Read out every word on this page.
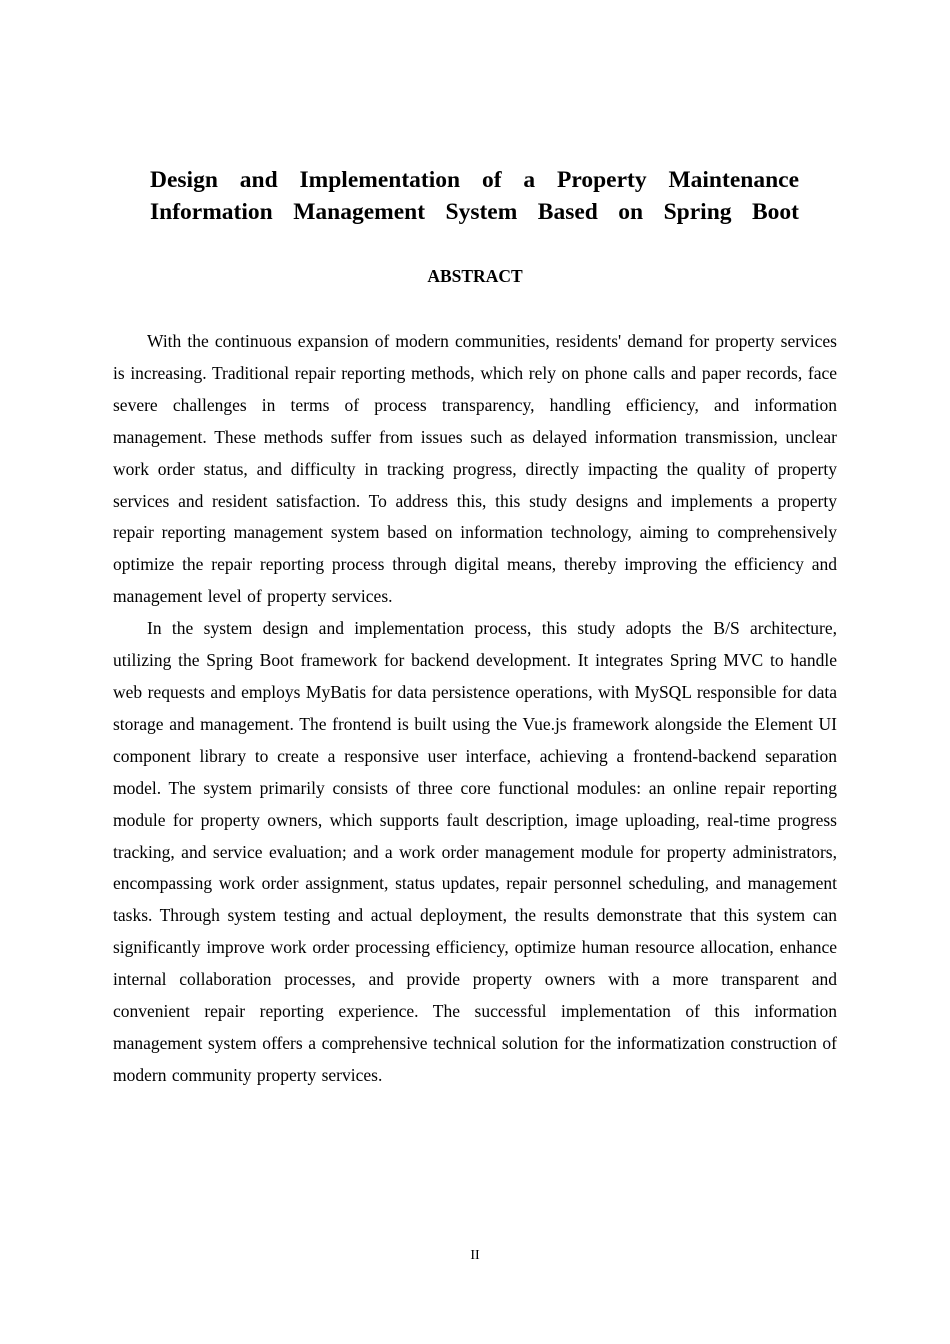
Design and Implementation of a Property Maintenance
Information Management System Based on Spring Boot
ABSTRACT

With the continuous expansion of modern communities, residents' demand for property services is increasing. Traditional repair reporting methods, which rely on phone calls and paper records, face severe challenges in terms of process transparency, handling efficiency, and information management. These methods suffer from issues such as delayed information transmission, unclear work order status, and difficulty in tracking progress, directly impacting the quality of property services and resident satisfaction. To address this, this study designs and implements a property repair reporting management system based on information technology, aiming to comprehensively optimize the repair reporting process through digital means, thereby improving the efficiency and management level of property services.

In the system design and implementation process, this study adopts the B/S architecture, utilizing the Spring Boot framework for backend development. It integrates Spring MVC to handle web requests and employs MyBatis for data persistence operations, with MySQL responsible for data storage and management. The frontend is built using the Vue.js framework alongside the Element UI component library to create a responsive user interface, achieving a frontend-backend separation model. The system primarily consists of three core functional modules: an online repair reporting module for property owners, which supports fault description, image uploading, real-time progress tracking, and service evaluation; and a work order management module for property administrators, encompassing work order assignment, status updates, repair personnel scheduling, and management tasks. Through system testing and actual deployment, the results demonstrate that this system can significantly improve work order processing efficiency, optimize human resource allocation, enhance internal collaboration processes, and provide property owners with a more transparent and convenient repair reporting experience. The successful implementation of this information management system offers a comprehensive technical solution for the informatization construction of modern community property services.

II
